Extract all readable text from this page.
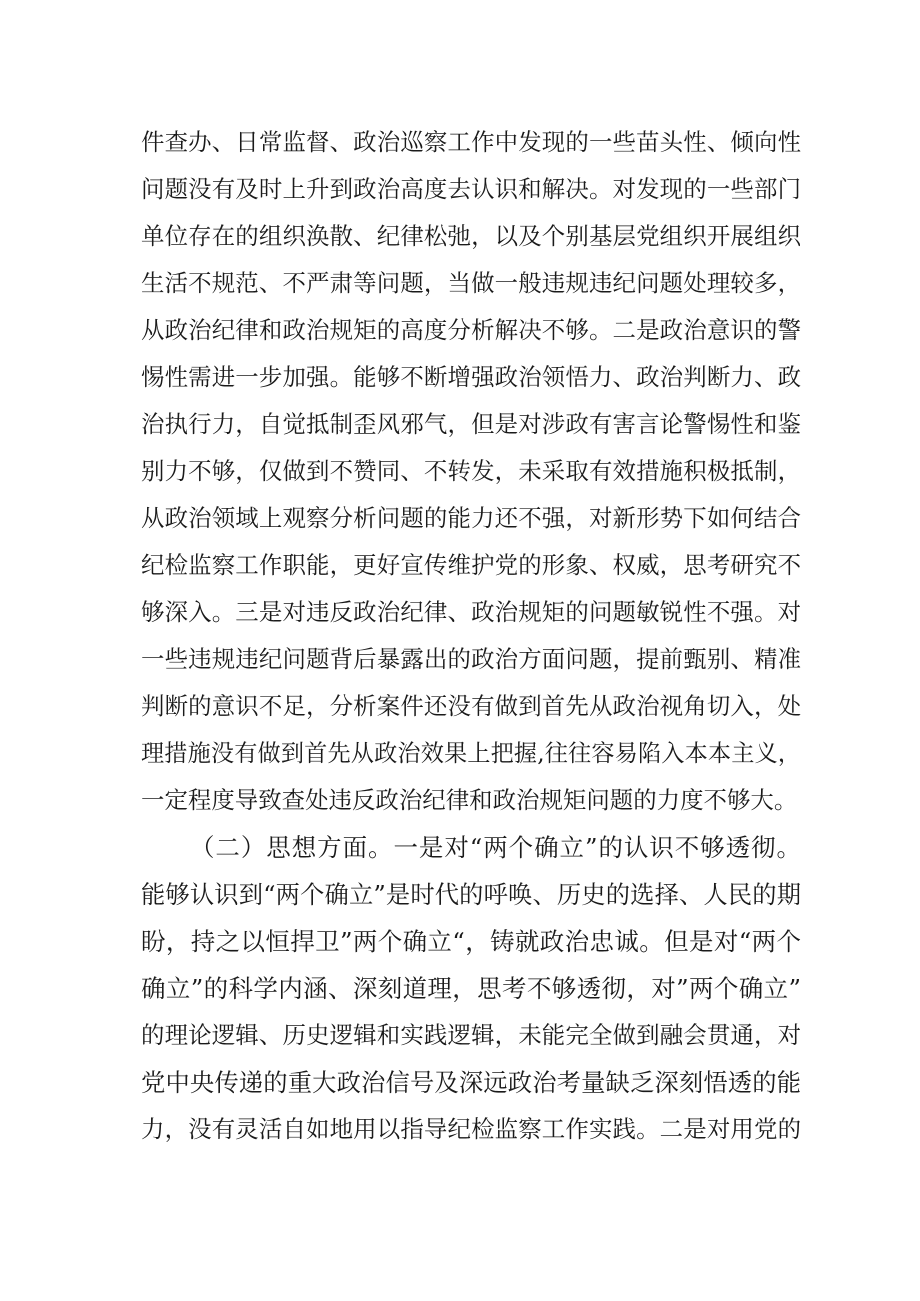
件查办、日常监督、政治巡察工作中发现的一些苗头性、倾向性
问题没有及时上升到政治高度去认识和解决。对发现的一些部门
单位存在的组织涣散、纪律松弛，以及个别基层党组织开展组织
生活不规范、不严肃等问题，当做一般违规违纪问题处理较多，
从政治纪律和政治规矩的高度分析解决不够。二是政治意识的警
惕性需进一步加强。能够不断增强政治领悟力、政治判断力、政
治执行力，自觉抵制歪风邪气，但是对涉政有害言论警惕性和鉴
别力不够，仅做到不赞同、不转发，未采取有效措施积极抵制，
从政治领域上观察分析问题的能力还不强，对新形势下如何结合
纪检监察工作职能，更好宣传维护党的形象、权威，思考研究不
够深入。三是对违反政治纪律、政治规矩的问题敏锐性不强。对
一些违规违纪问题背后暴露出的政治方面问题，提前甄别、精准
判断的意识不足，分析案件还没有做到首先从政治视角切入，处
理措施没有做到首先从政治效果上把握,往往容易陷入本本主义，
一定程度导致查处违反政治纪律和政治规矩问题的力度不够大。
（二）思想方面。一是对“两个确立”的认识不够透彻。
能够认识到“两个确立”是时代的呼唤、历史的选择、人民的期
盼，持之以恒捍卫”两个确立“，铸就政治忠诚。但是对“两个
确立”的科学内涵、深刻道理，思考不够透彻，对”两个确立”
的理论逻辑、历史逻辑和实践逻辑，未能完全做到融会贯通，对
党中央传递的重大政治信号及深远政治考量缺乏深刻悟透的能
力，没有灵活自如地用以指导纪检监察工作实践。二是对用党的
